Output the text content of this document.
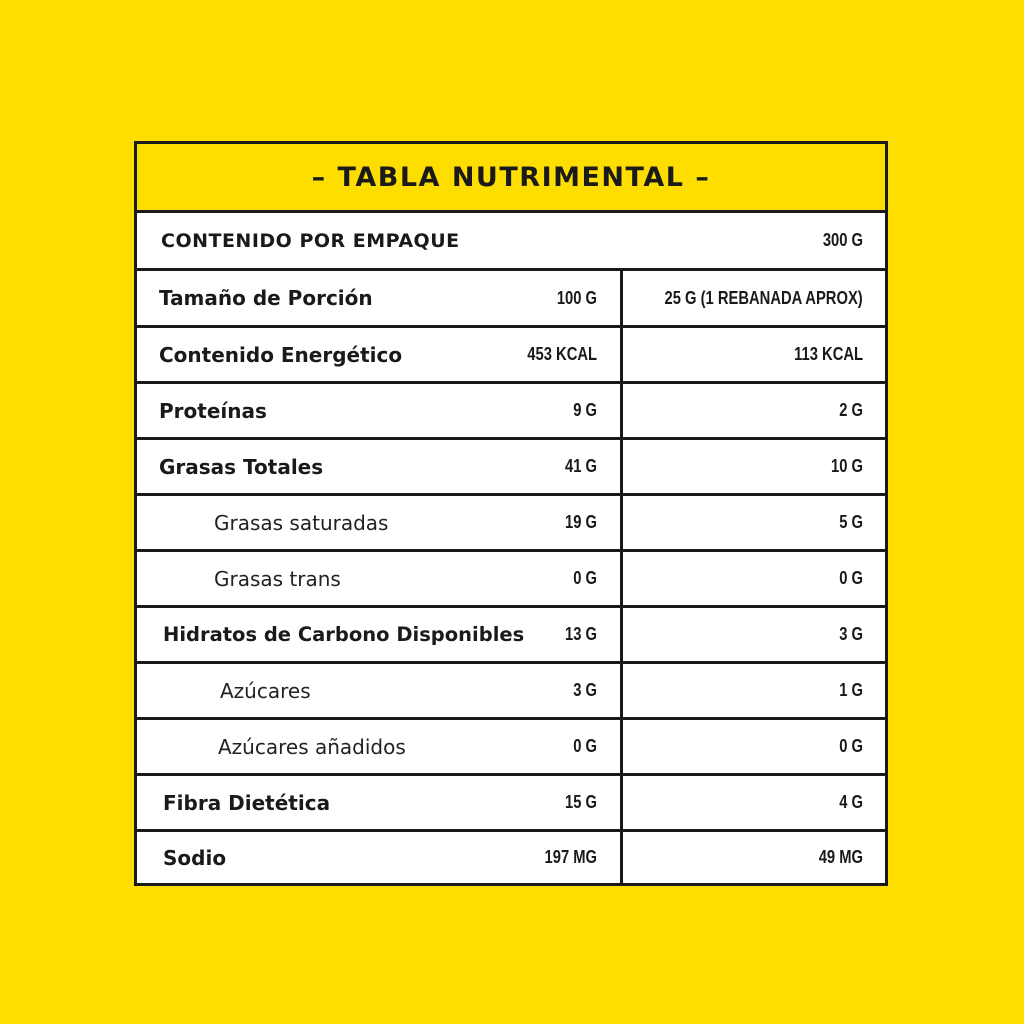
– TABLA NUTRIMENTAL –
CONTENIDO POR EMPAQUE	300 G
Tamaño de Porción	100 G	25 G (1 REBANADA APROX)
Contenido Energético	453 KCAL	113 KCAL
Proteínas	9 G	2 G
Grasas Totales	41 G	10 G
Grasas saturadas	19 G	5 G
Grasas trans	0 G	0 G
Hidratos de Carbono Disponibles 13 G	3 G
Azúcares	3 G	1 G
Azúcares añadidos	0 G	0 G
Fibra Dietética	15 G	4 G
Sodio	197 MG	49 MG
